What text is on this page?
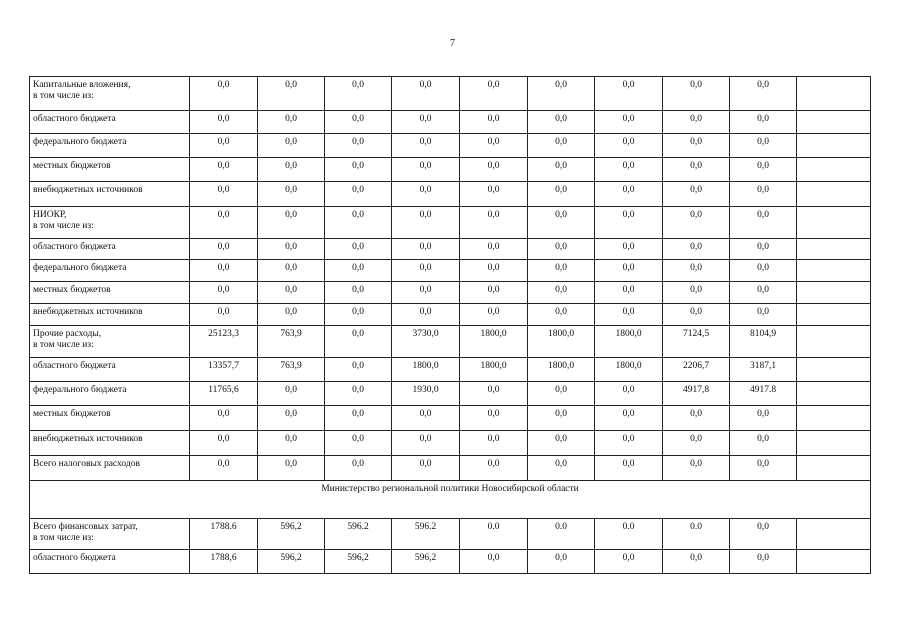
7
Капитальные вложения,
в том числе из:	0,0	0,0	0,0	0,0	0,0	0,0	0,0	0,0	0,0	

областного бюджета	0,0	0,0	0,0	0,0	0,0	0,0	0,0	0,0	0,0	

федерального бюджета	0,0	0,0	0,0	0,0	0,0	0,0	0,0	0,0	0,0	

местных бюджетов	0,0	0,0	0,0	0,0	0,0	0,0	0,0	0,0	0,0	

внебюджетных источников	0,0	0,0	0,0	0,0	0,0	0,0	0,0	0,0	0,0	

НИОКР,
в том числе из:	0,0	0,0	0,0	0,0	0,0	0,0	0,0	0,0	0,0	

областного бюджета	0,0	0,0	0,0	0,0	0,0	0,0	0,0	0,0	0,0	

федерального бюджета	0,0	0,0	0,0	0,0	0,0	0,0	0,0	0,0	0,0	

местных бюджетов	0,0	0,0	0,0	0,0	0,0	0,0	0,0	0,0	0,0	

внебюджетных источников	0,0	0,0	0,0	0,0	0,0	0,0	0,0	0,0	0,0	

Прочие расходы,
в том числе из:	25123,3	763,9	0,0	3730,0	1800,0	1800,0	1800,0	7124,5	8104,9	

областного бюджета	13357,7	763,9	0,0	1800,0	1800,0	1800,0	1800,0	2206,7	3187,1	

федерального бюджета	11765,6	0,0	0,0	1930,0	0,0	0,0	0,0	4917,8	4917.8	

местных бюджетов	0,0	0,0	0,0	0,0	0,0	0,0	0,0	0,0	0,0	

внебюджетных источников	0,0	0,0	0,0	0,0	0,0	0,0	0,0	0,0	0,0	

Всего налоговых расходов	0,0	0,0	0,0	0,0	0,0	0,0	0,0	0,0	0,0	
Министерство региональной политики Новосибирской области										

Всего финансовых затрат,
в том числе из:	1788.6	596,2	596.2	596.2	0.0	0.0	0.0	0.0	0,0	

областного бюджета	1788,6	596,2	596,2	596,2	0,0	0,0	0,0	0,0	0,0	
